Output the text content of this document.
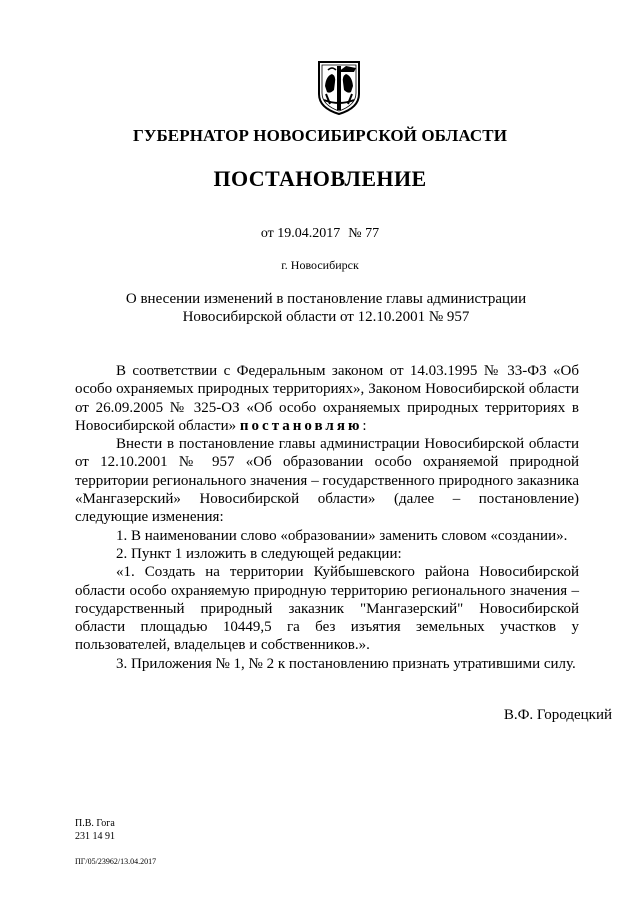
ГУБЕРНАТОР НОВОСИБИРСКОЙ ОБЛАСТИ
ПОСТАНОВЛЕНИЕ
от 19.04.2017 № 77
г. Новосибирск
О внесении изменений в постановление главы администрации Новосибирской области от 12.10.2001 № 957

В соответствии с Федеральным законом от 14.03.1995 № 33-ФЗ «Об особо охраняемых природных территориях», Законом Новосибирской области от 26.09.2005 № 325-ОЗ «Об особо охраняемых природных территориях в Новосибирской области» постановляю:

Внести в постановление главы администрации Новосибирской области от 12.10.2001 № 957 «Об образовании особо охраняемой природной территории регионального значения – государственного природного заказника «Мангазерский» Новосибирской области» (далее – постановление) следующие изменения:

1. В наименовании слово «образовании» заменить словом «создании».

2. Пункт 1 изложить в следующей редакции:

«1. Создать на территории Куйбышевского района Новосибирской области особо охраняемую природную территорию регионального значения – государственный природный заказник "Мангазерский" Новосибирской области площадью 10449,5 га без изъятия земельных участков у пользователей, владельцев и собственников.».

3. Приложения № 1, № 2 к постановлению признать утратившими силу.

В.Ф. Городецкий
П.В. Гога
231 14 91
ПГ/05/23962/13.04.2017
